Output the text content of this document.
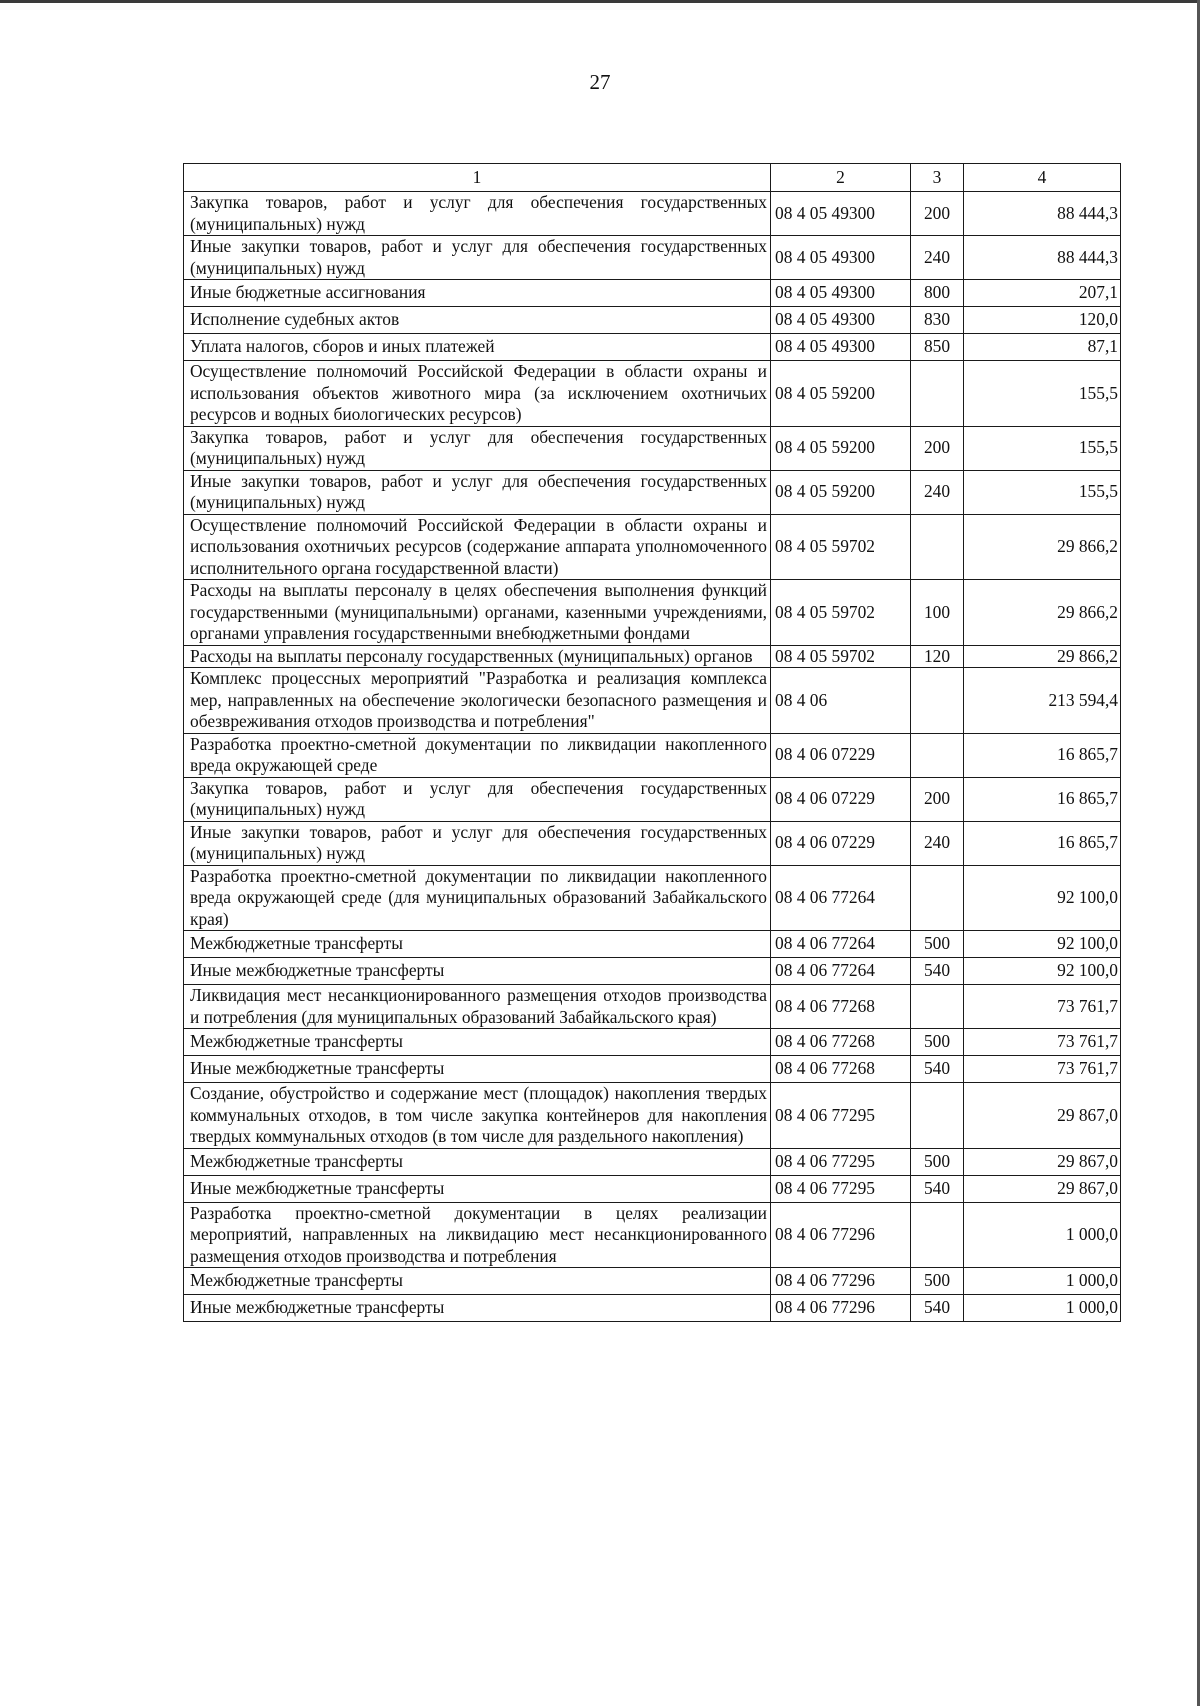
27
1	2	3	4
Закупка товаров, работ и услуг для обеспечения государственных (муниципальных) нужд	08 4 05 49300	200	88 444,3
Иные закупки товаров, работ и услуг для обеспечения государственных (муниципальных) нужд	08 4 05 49300	240	88 444,3
Иные бюджетные ассигнования	08 4 05 49300	800	207,1
Исполнение судебных актов	08 4 05 49300	830	120,0
Уплата налогов, сборов и иных платежей	08 4 05 49300	850	87,1
Осуществление полномочий Российской Федерации в области охраны и использования объектов животного мира (за исключением охотничьих ресурсов и водных биологических ресурсов)	08 4 05 59200		155,5
Закупка товаров, работ и услуг для обеспечения государственных (муниципальных) нужд	08 4 05 59200	200	155,5
Иные закупки товаров, работ и услуг для обеспечения государственных (муниципальных) нужд	08 4 05 59200	240	155,5
Осуществление полномочий Российской Федерации в области охраны и использования охотничьих ресурсов (содержание аппарата уполномоченного исполнительного органа государственной власти)	08 4 05 59702		29 866,2
Расходы на выплаты персоналу в целях обеспечения выполнения функций государственными (муниципальными) органами, казенными учреждениями, органами управления государственными внебюджетными фондами	08 4 05 59702	100	29 866,2
Расходы на выплаты персоналу государственных (муниципальных) органов	08 4 05 59702	120	29 866,2
Комплекс процессных мероприятий "Разработка и реализация комплекса мер, направленных на обеспечение экологически безопасного размещения и обезвреживания отходов производства и потребления"	08 4 06		213 594,4
Разработка проектно-сметной документации по ликвидации накопленного вреда окружающей среде	08 4 06 07229		16 865,7
Закупка товаров, работ и услуг для обеспечения государственных (муниципальных) нужд	08 4 06 07229	200	16 865,7
Иные закупки товаров, работ и услуг для обеспечения государственных (муниципальных) нужд	08 4 06 07229	240	16 865,7
Разработка проектно-сметной документации по ликвидации накопленного вреда окружающей среде (для муниципальных образований Забайкальского края)	08 4 06 77264		92 100,0
Межбюджетные трансферты	08 4 06 77264	500	92 100,0
Иные межбюджетные трансферты	08 4 06 77264	540	92 100,0
Ликвидация мест несанкционированного размещения отходов производства и потребления (для муниципальных образований Забайкальского края)	08 4 06 77268		73 761,7
Межбюджетные трансферты	08 4 06 77268	500	73 761,7
Иные межбюджетные трансферты	08 4 06 77268	540	73 761,7
Создание, обустройство и содержание мест (площадок) накопления твердых коммунальных отходов, в том числе закупка контейнеров для накопления твердых коммунальных отходов (в том числе для раздельного накопления)	08 4 06 77295		29 867,0
Межбюджетные трансферты	08 4 06 77295	500	29 867,0
Иные межбюджетные трансферты	08 4 06 77295	540	29 867,0
Разработка проектно-сметной документации в целях реализации мероприятий, направленных на ликвидацию мест несанкционированного размещения отходов производства и потребления	08 4 06 77296		1 000,0
Межбюджетные трансферты	08 4 06 77296	500	1 000,0
Иные межбюджетные трансферты	08 4 06 77296	540	1 000,0
